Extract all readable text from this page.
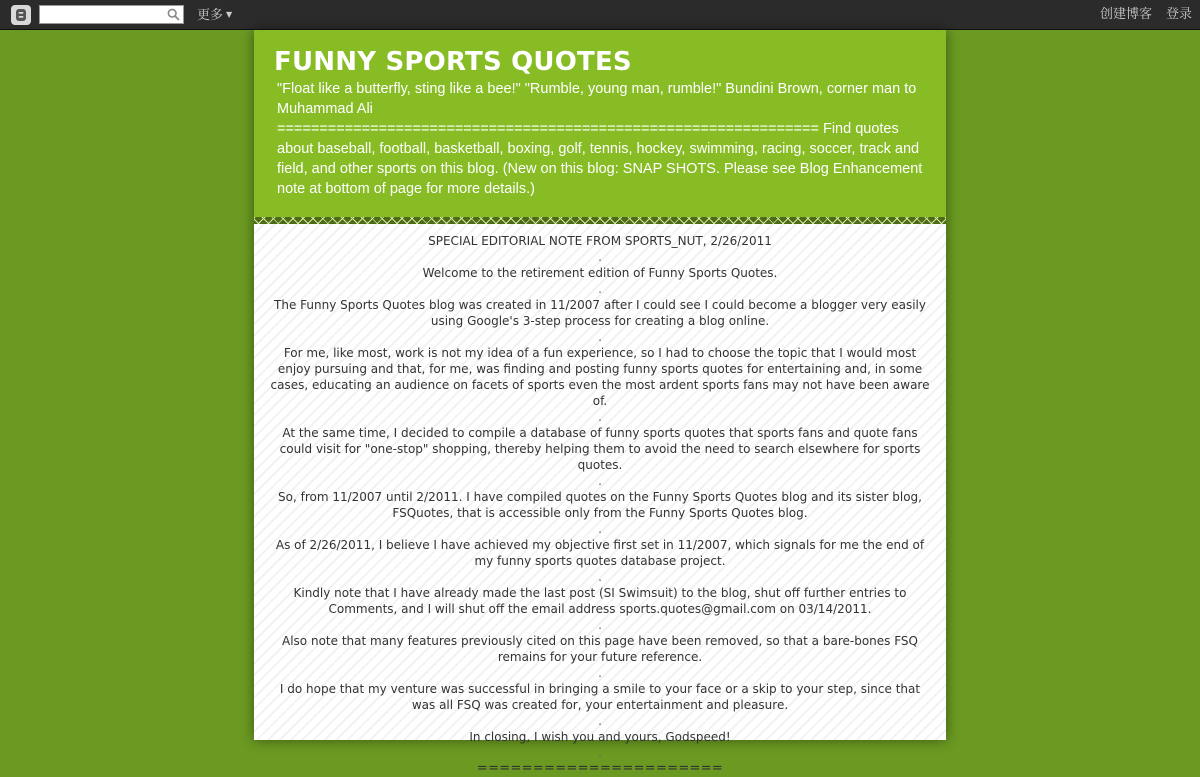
更多 ▼	创建博客 登录
FUNNY SPORTS QUOTES
"Float like a butterfly, sting like a bee!" "Rumble, young man, rumble!" Bundini Brown, corner man to Muhammad Ali
================================================================ Find quotes about baseball, football, basketball, boxing, golf, tennis, hockey, swimming, racing, soccer, track and field, and other sports on this blog. (New on this blog: SNAP SHOTS. Please see Blog Enhancement note at bottom of page for more details.)

SPECIAL EDITORIAL NOTE FROM SPORTS_NUT, 2/26/2011

.

Welcome to the retirement edition of Funny Sports Quotes.

.

The Funny Sports Quotes blog was created in 11/2007 after I could see I could become a blogger very easily using Google's 3-step process for creating a blog online.

.

For me, like most, work is not my idea of a fun experience, so I had to choose the topic that I would most enjoy pursuing and that, for me, was finding and posting funny sports quotes for entertaining and, in some cases, educating an audience on facets of sports even the most ardent sports fans may not have been aware of.

.

At the same time, I decided to compile a database of funny sports quotes that sports fans and quote fans could visit for "one-stop" shopping, thereby helping them to avoid the need to search elsewhere for sports quotes.

.

So, from 11/2007 until 2/2011. I have compiled quotes on the Funny Sports Quotes blog and its sister blog, FSQuotes, that is accessible only from the Funny Sports Quotes blog.

.

As of 2/26/2011, I believe I have achieved my objective first set in 11/2007, which signals for me the end of my funny sports quotes database project.

.

Kindly note that I have already made the last post (SI Swimsuit) to the blog, shut off further entries to Comments, and I will shut off the email address sports.quotes@gmail.com on 03/14/2011.

.

Also note that many features previously cited on this page have been removed, so that a bare-bones FSQ remains for your future reference.

.

I do hope that my venture was successful in bringing a smile to your face or a skip to your step, since that was all FSQ was created for, your entertainment and pleasure.

.

In closing, I wish you and yours, Godspeed!

.

======================
